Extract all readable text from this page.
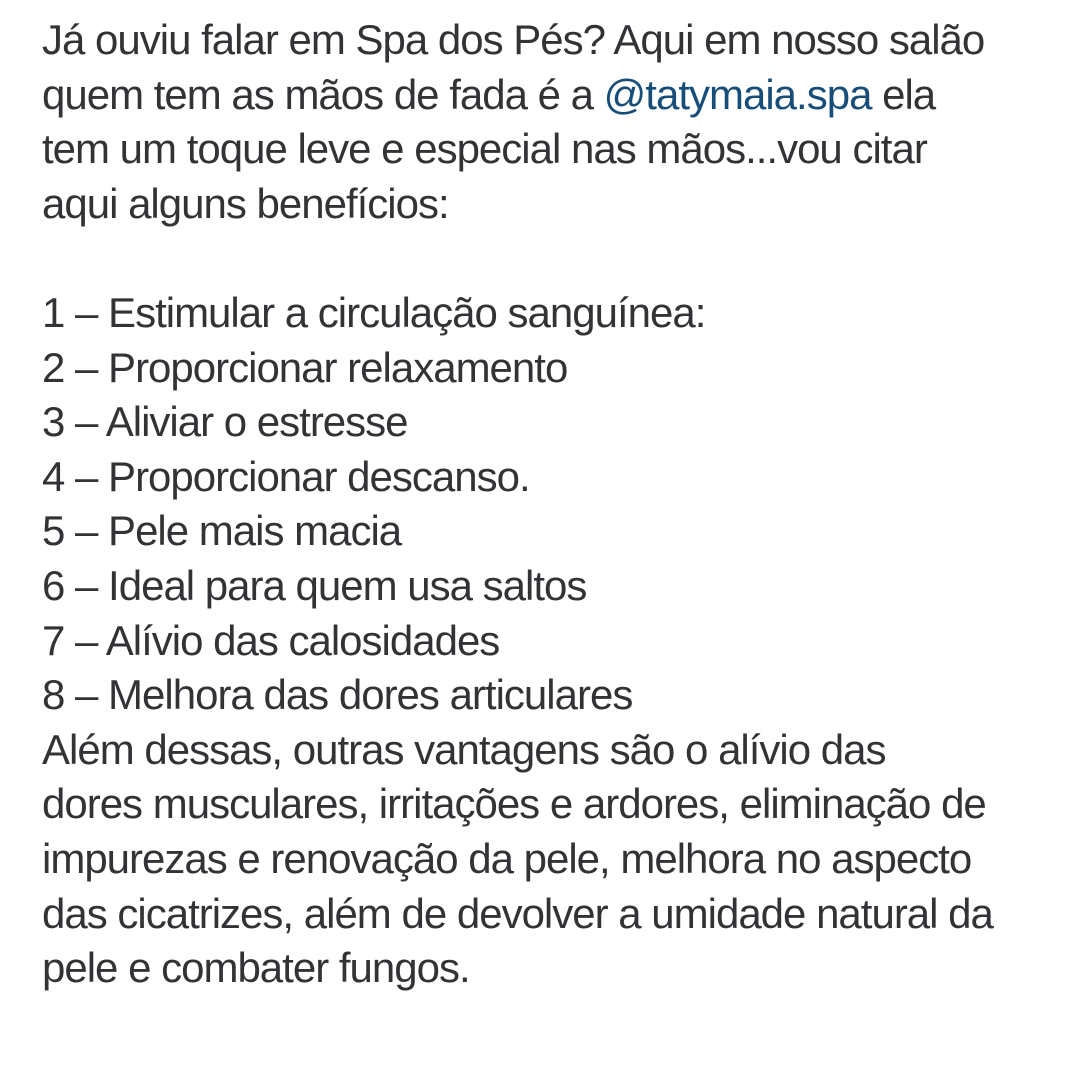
Já ouviu falar em Spa dos Pés? Aqui em nosso salão
quem tem as mãos de fada é a @tatymaia.spa ela
tem um toque leve e especial nas mãos...vou citar
aqui alguns benefícios:
1 – Estimular a circulação sanguínea:
2 – Proporcionar relaxamento
3 – Aliviar o estresse
4 – Proporcionar descanso.
5 – Pele mais macia
6 – Ideal para quem usa saltos
7 – Alívio das calosidades
8 – Melhora das dores articulares
Além dessas, outras vantagens são o alívio das
dores musculares, irritações e ardores, eliminação de
impurezas e renovação da pele, melhora no aspecto
das cicatrizes, além de devolver a umidade natural da
pele e combater fungos.
